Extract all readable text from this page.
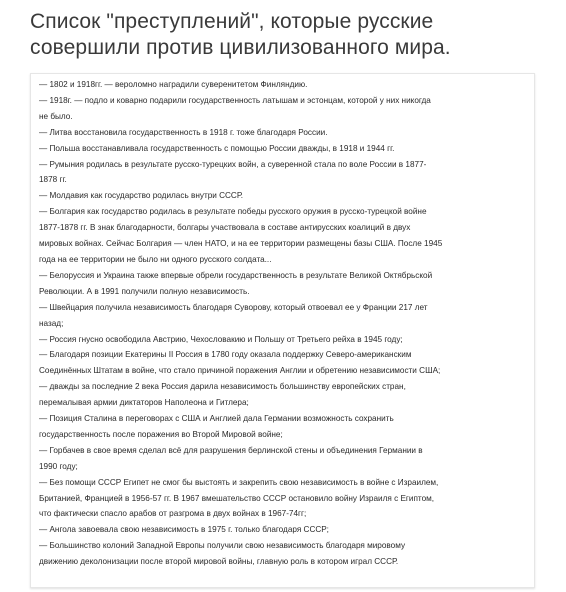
Список "преступлений", которые русские
совершили против цивилизованного мира.
— 1802 и 1918гг. — вероломно наградили суверенитетом Финляндию.
— 1918г. — подло и коварно подарили государственность латышам и эстонцам, которой у них никогда
не было.
— Литва восстановила государственность в 1918 г. тоже благодаря России.
— Польша восстанавливала государственность с помощью России дважды, в 1918 и 1944 гг.
— Румыния родилась в результате русско-турецких войн, а суверенной стала по воле России в 1877-
1878 гг.
— Молдавия как государство родилась внутри СССР.
— Болгария как государство родилась в результате победы русского оружия в русско-турецкой войне
1877-1878 гг. В знак благодарности, болгары участвовала в составе антирусских коалиций в двух
мировых войнах. Сейчас Болгария — член НАТО, и на ее территории размещены базы США. После 1945
года на ее территории не было ни одного русского солдата...
— Белоруссия и Украина также впервые обрели государственность в результате Великой Октябрьской
Революции. А в 1991 получили полную независимость.
— Швейцария получила независимость благодаря Суворову, который отвоевал ее у Франции 217 лет
назад;
— Россия гнусно освободила Австрию, Чехословакию и Польшу от Третьего рейха в 1945 году;
— Благодаря позиции Екатерины II Россия в 1780 году оказала поддержку Северо-американским
Соединённых Штатам в войне, что стало причиной поражения Англии и обретению независимости США;
— дважды за последние 2 века Россия дарила независимость большинству европейских стран,
перемалывая армии диктаторов Наполеона и Гитлера;
— Позиция Сталина в переговорах с США и Англией дала Германии возможность сохранить
государственность после поражения во Второй Мировой войне;
— Горбачев в свое время сделал всё для разрушения берлинской стены и объединения Германии в
1990 году;
— Без помощи СССР Египет не смог бы выстоять и закрепить свою независимость в войне с Израилем,
Британией, Францией в 1956-57 гг. В 1967 вмешательство СССР остановило войну Израиля с Египтом,
что фактически спасло арабов от разгрома в двух войнах в 1967-74гг;
— Ангола завоевала свою независимость в 1975 г. только благодаря СССР;
— Большинство колоний Западной Европы получили свою независимость благодаря мировому
движению деколонизации после второй мировой войны, главную роль в котором играл СССР.
